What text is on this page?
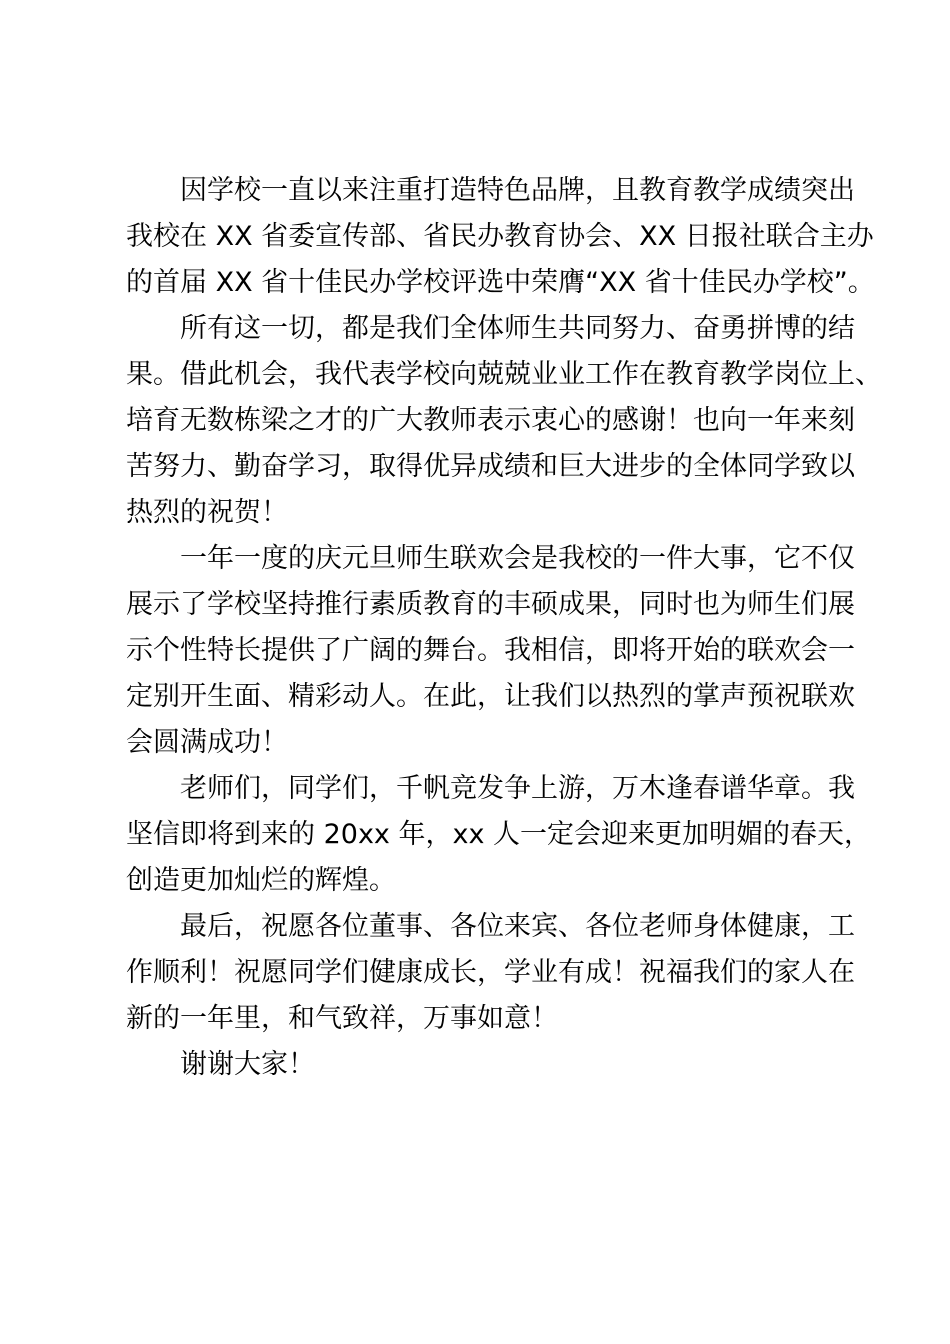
因学校一直以来注重打造特色品牌，且教育教学成绩突出
我校在 XX 省委宣传部、省民办教育协会、XX 日报社联合主办
的首届 XX 省十佳民办学校评选中荣膺“XX 省十佳民办学校”。
所有这一切，都是我们全体师生共同努力、奋勇拼博的结
果。借此机会，我代表学校向兢兢业业工作在教育教学岗位上、
培育无数栋梁之才的广大教师表示衷心的感谢！也向一年来刻
苦努力、勤奋学习，取得优异成绩和巨大进步的全体同学致以
热烈的祝贺！
一年一度的庆元旦师生联欢会是我校的一件大事，它不仅
展示了学校坚持推行素质教育的丰硕成果，同时也为师生们展
示个性特长提供了广阔的舞台。我相信，即将开始的联欢会一
定别开生面、精彩动人。在此，让我们以热烈的掌声预祝联欢
会圆满成功！
老师们，同学们，千帆竞发争上游，万木逢春谱华章。我
坚信即将到来的 20xx 年，xx 人一定会迎来更加明媚的春天，
创造更加灿烂的辉煌。
最后，祝愿各位董事、各位来宾、各位老师身体健康，工
作顺利！祝愿同学们健康成长，学业有成！祝福我们的家人在
新的一年里，和气致祥，万事如意！
谢谢大家！
